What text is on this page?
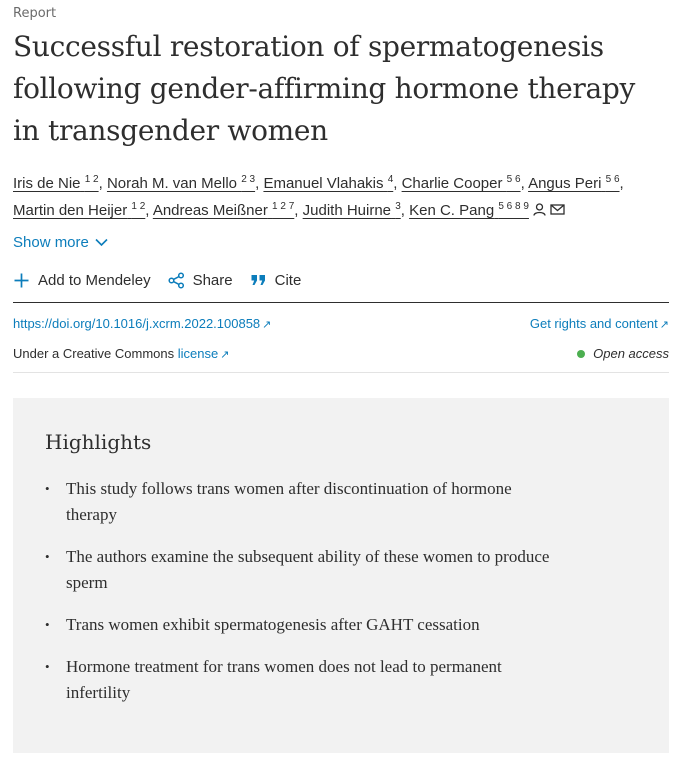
Report
Successful restoration of spermatogenesis following gender-affirming hormone therapy in transgender women
Iris de Nie $^{1 2}$, Norah M. van Mello $^{2 3}$, Emanuel Vlahakis $^4$, Charlie Cooper $^{5 6}$, Angus Peri $^{5 6}$, Martin den Heijer $^{1 2}$, Andreas Meißner $^{1 2 7}$, Judith Huirne $^3$, Ken C. Pang $^{5 6 8 9}$
Show more
Add to Mendeley	Share	Cite
https://doi.org/10.1016/j.xcrm.2022.100858 ↗	Get rights and content ↗
Under a Creative Commons license ↗	Open access
Highlights
• This study follows trans women after discontinuation of hormone therapy
• The authors examine the subsequent ability of these women to produce sperm
• Trans women exhibit spermatogenesis after GAHT cessation
• Hormone treatment for trans women does not lead to permanent infertility
